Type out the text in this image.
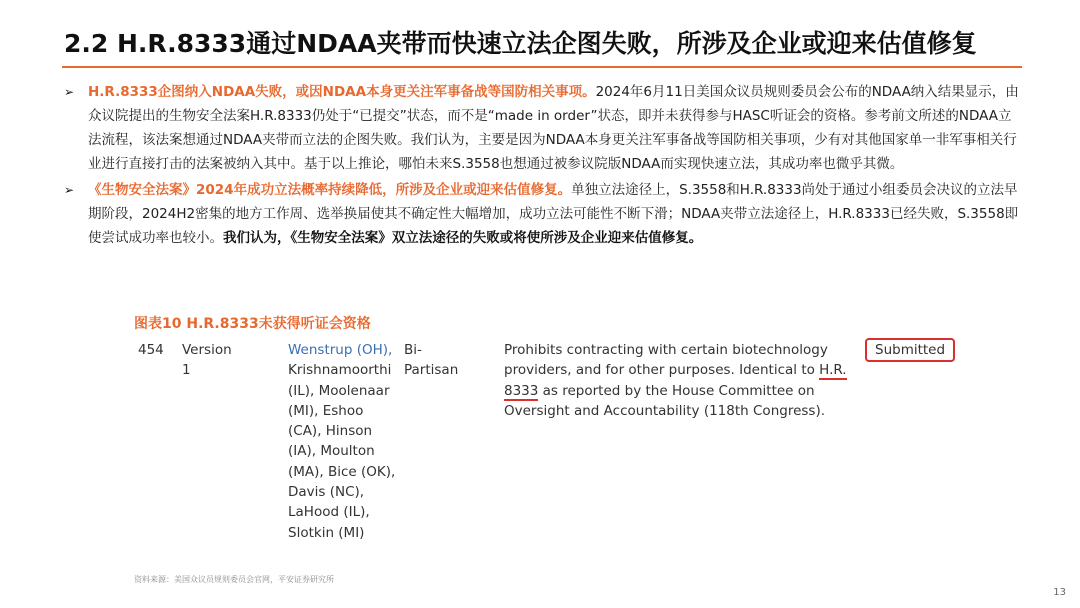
2.2 H.R.8333通过NDAA夹带而快速立法企图失败，所涉及企业或迎来估值修复
➢ H.R.8333企图纳入NDAA失败，或因NDAA本身更关注军事备战等国防相关事项。2024年6月11日美国众议员规则委员会公布的NDAA纳入结果显示，由众议院提出的生物安全法案H.R.8333仍处于“已提交”状态，而不是“made in order”状态，即并未获得参与HASC听证会的资格。参考前文所述的NDAA立法流程，该法案想通过NDAA夹带而立法的企图失败。我们认为，主要是因为NDAA本身更关注军事备战等国防相关事项，少有对其他国家单一非军事相关行业进行直接打击的法案被纳入其中。基于以上推论，哪怕未来S.3558也想通过被参议院版NDAA而实现快速立法，其成功率也微乎其微。
➢ 《生物安全法案》2024年成功立法概率持续降低，所涉及企业或迎来估值修复。单独立法途径上，S.3558和H.R.8333尚处于通过小组委员会决议的立法早期阶段，2024H2密集的地方工作周、选举换届使其不确定性大幅增加，成功立法可能性不断下滑；NDAA夹带立法途径上，H.R.8333已经失败，S.3558即使尝试成功率也较小。我们认为，《生物安全法案》双立法途径的失败或将使所涉及企业迎来估值修复。
图表10 H.R.8333未获得听证会资格
454 Version 1
Wenstrup (OH), Krishnamoorthi (IL), Moolenaar (MI), Eshoo (CA), Hinson (IA), Moulton (MA), Bice (OK), Davis (NC), LaHood (IL), Slotkin (MI)
Bi-Partisan
Prohibits contracting with certain biotechnology providers, and for other purposes. Identical to H.R. 8333 as reported by the House Committee on Oversight and Accountability (118th Congress).
Submitted
资料来源：美国众议员规则委员会官网，平安证券研究所
13
